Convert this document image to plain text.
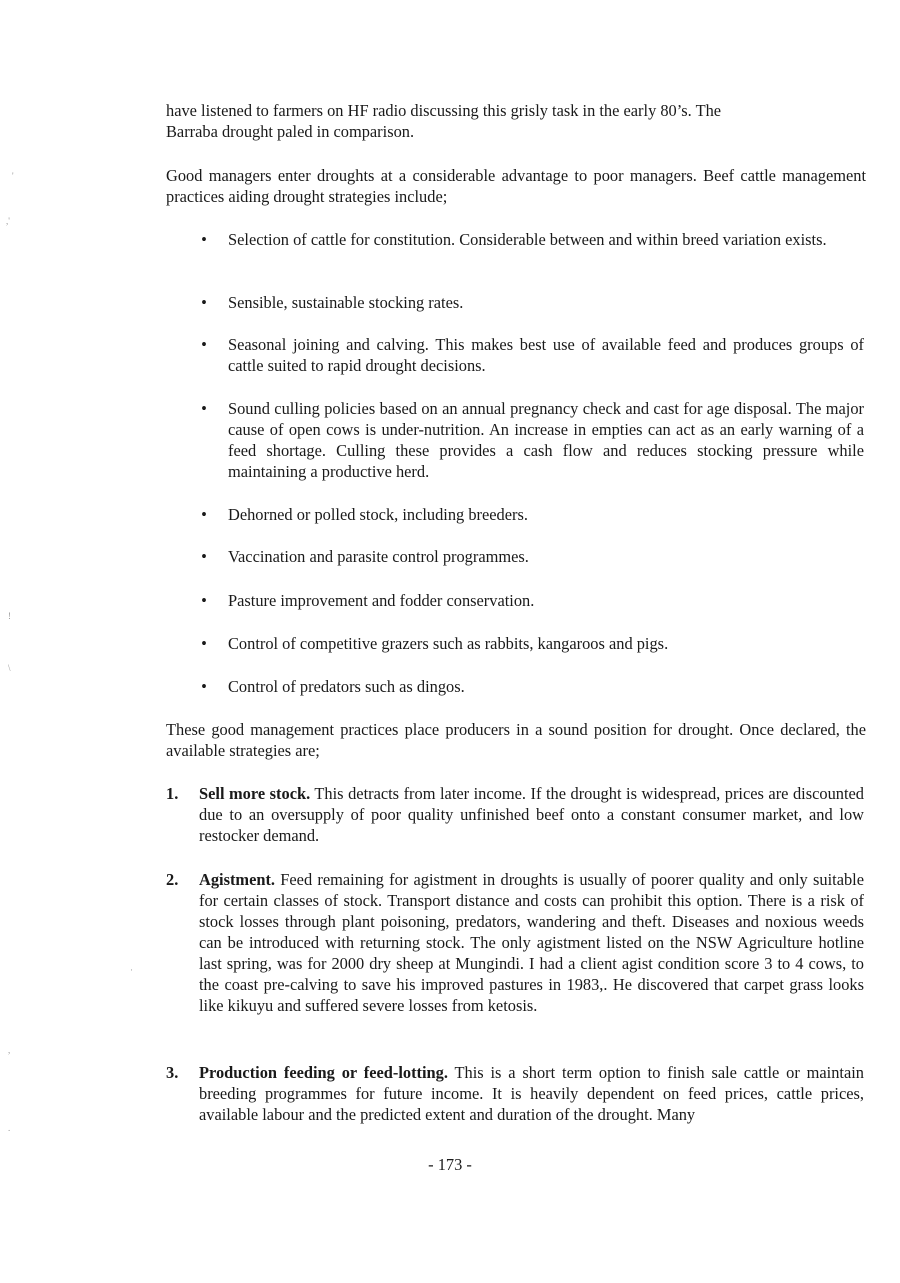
have listened to farmers on HF radio discussing this grisly task in the early 80’s. The
Barraba drought paled in comparison.

Good managers enter droughts at a considerable advantage to poor managers. Beef cattle management practices aiding drought strategies include;

• Selection of cattle for constitution. Considerable between and within breed variation exists.

• Sensible, sustainable stocking rates.

• Seasonal joining and calving. This makes best use of available feed and produces groups of cattle suited to rapid drought decisions.

• Sound culling policies based on an annual pregnancy check and cast for age disposal. The major cause of open cows is under-nutrition. An increase in empties can act as an early warning of a feed shortage. Culling these provides a cash flow and reduces stocking pressure while maintaining a productive herd.

• Dehorned or polled stock, including breeders.

• Vaccination and parasite control programmes.

• Pasture improvement and fodder conservation.

• Control of competitive grazers such as rabbits, kangaroos and pigs.

• Control of predators such as dingos.

These good management practices place producers in a sound position for drought. Once declared, the available strategies are;

1.	Sell more stock. This detracts from later income. If the drought is widespread, prices are discounted due to an oversupply of poor quality unfinished beef onto a constant consumer market, and low restocker demand.

2.	Agistment. Feed remaining for agistment in droughts is usually of poorer quality and only suitable for certain classes of stock. Transport distance and costs can prohibit this option. There is a risk of stock losses through plant poisoning, predators, wandering and theft. Diseases and noxious weeds can be introduced with returning stock. The only agistment listed on the NSW Agriculture hotline last spring, was for 2000 dry sheep at Mungindi. I had a client agist condition score 3 to 4 cows, to the coast pre-calving to save his improved pastures in 1983,. He discovered that carpet grass looks like kikuyu and suffered severe losses from ketosis.

3.	Production feeding or feed-lotting. This is a short term option to finish sale cattle or maintain breeding programmes for future income. It is heavily dependent on feed prices, cattle prices, available labour and the predicted extent and duration of the drought. Many

- 173 -
'
,'
!
\
,
.
·
